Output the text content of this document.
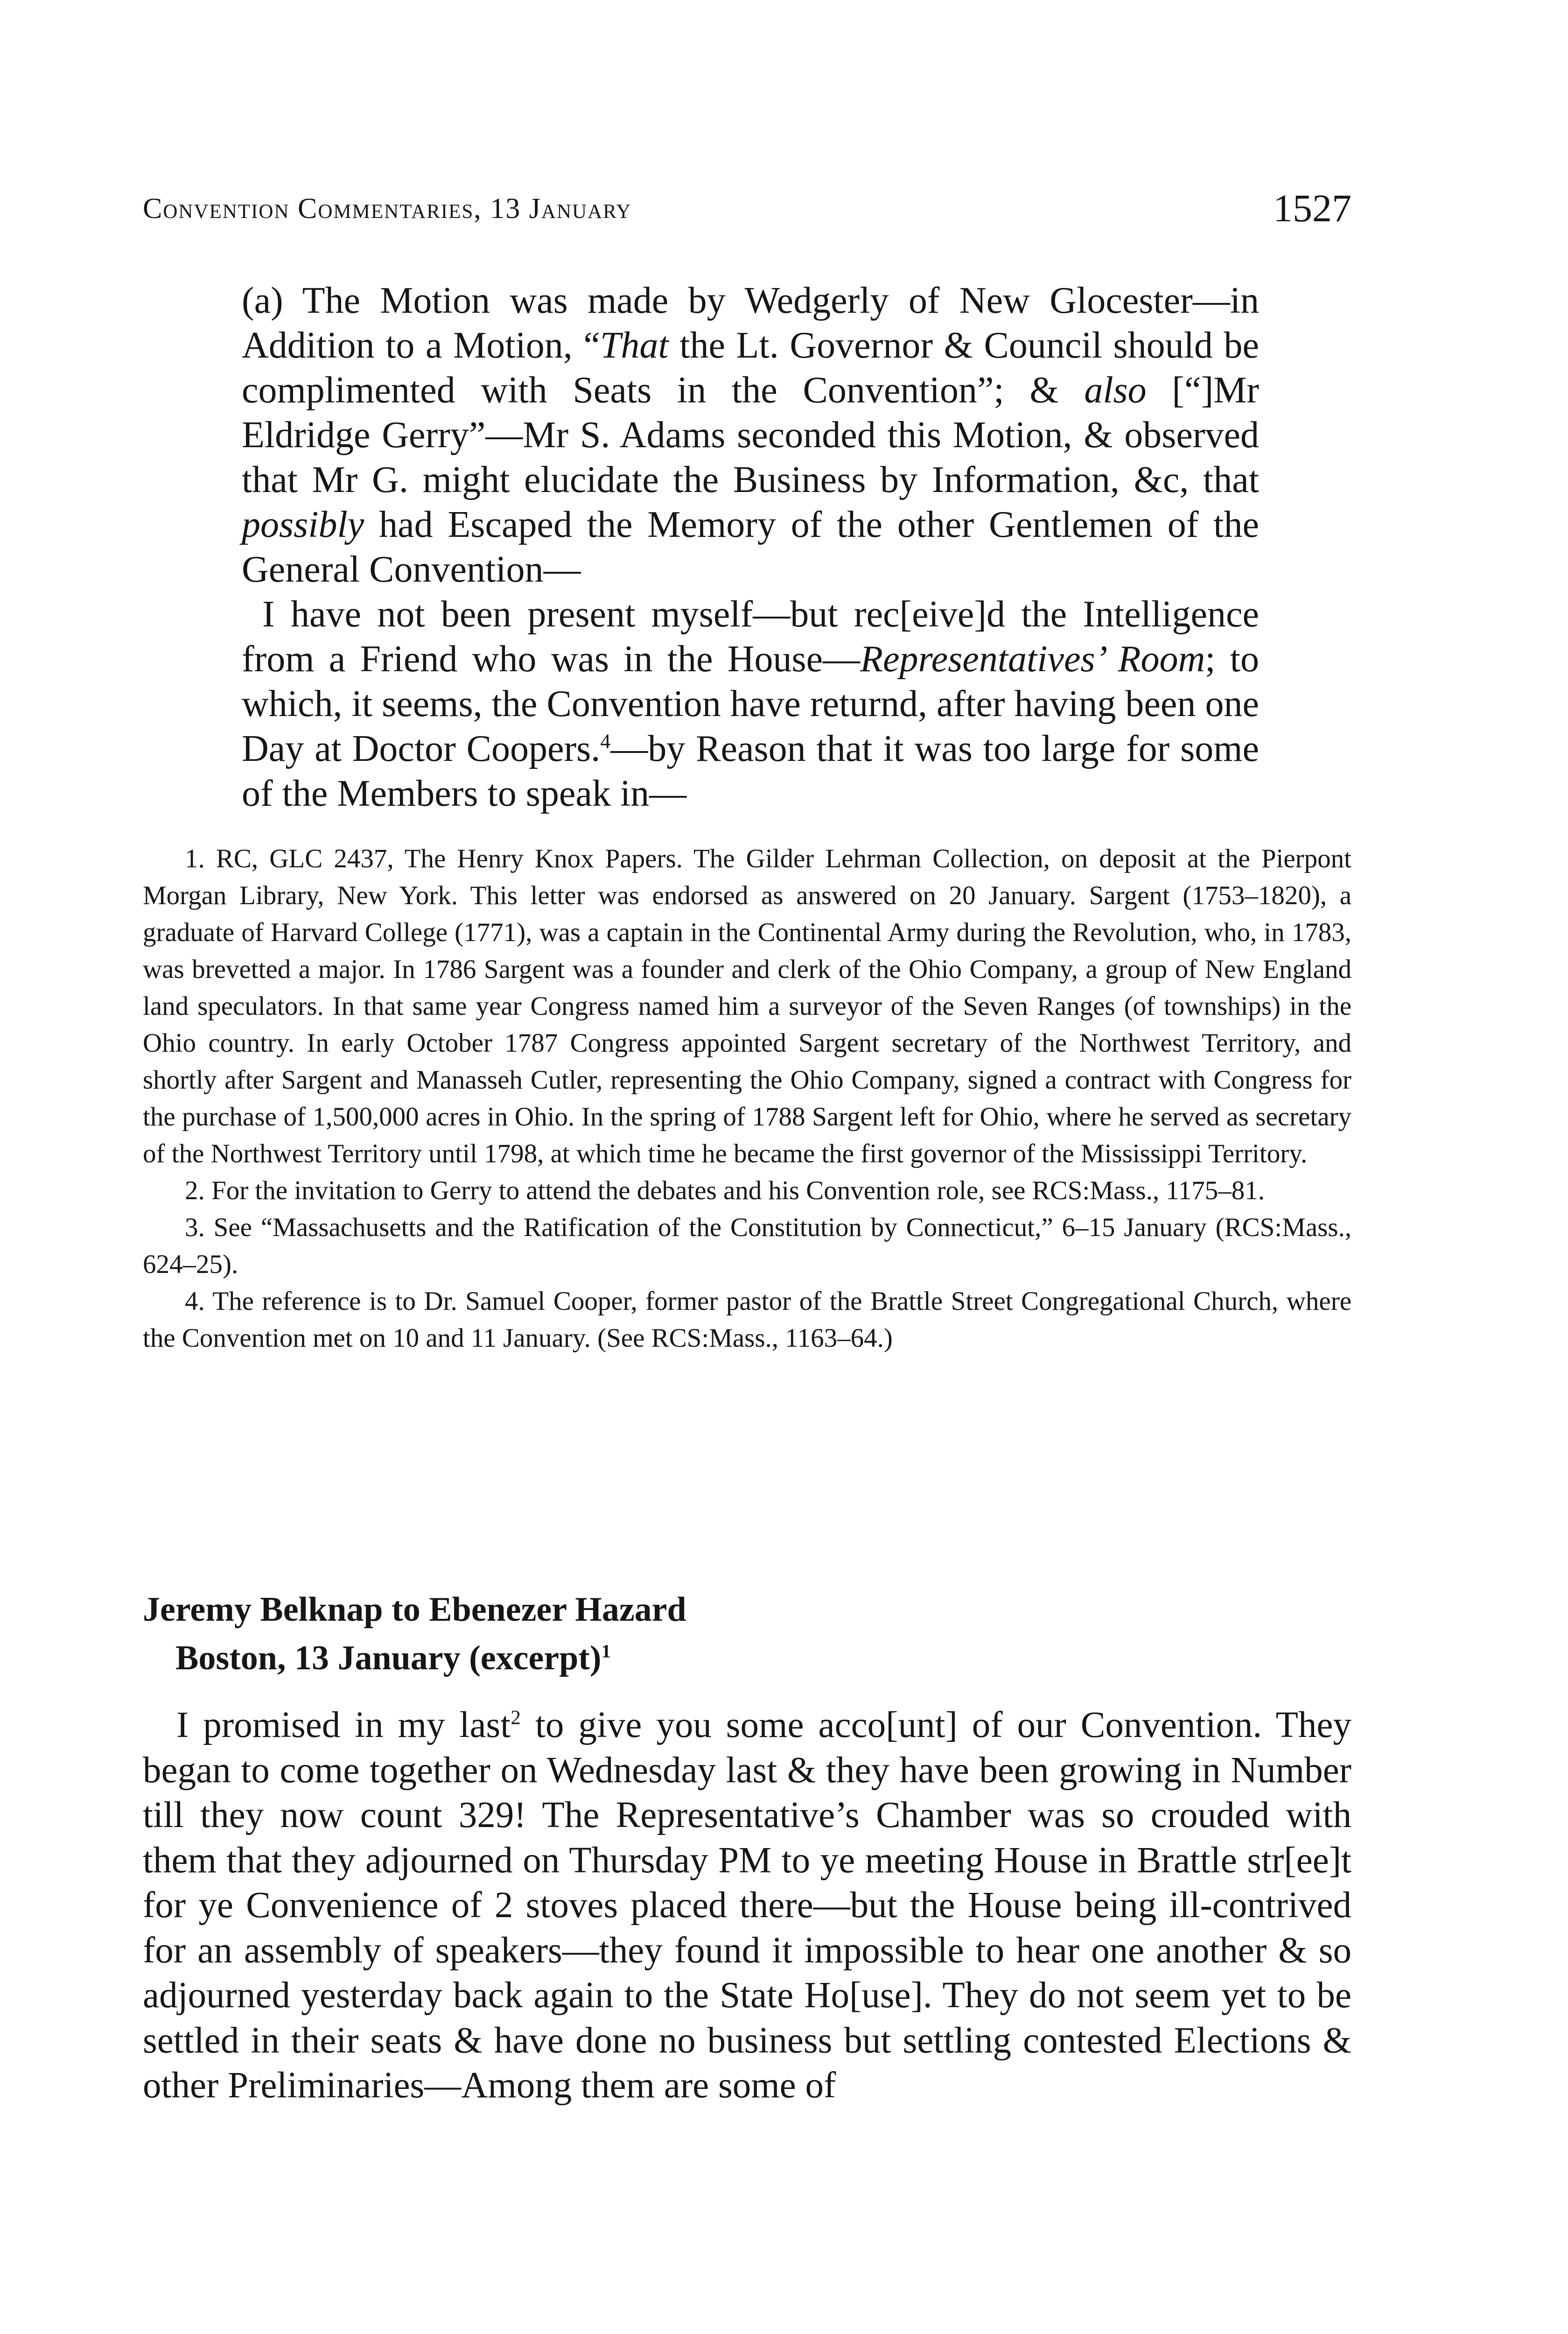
Convention Commentaries, 13 January	1527

(a) The Motion was made by Wedgerly of New Glocester—in Addition to a Motion, “That the Lt. Governor & Council should be complimented with Seats in the Convention”; & also [“]Mr Eldridge Gerry”—Mr S. Adams seconded this Motion, & observed that Mr G. might elucidate the Business by Information, &c, that possibly had Escaped the Memory of the other Gentlemen of the General Convention—

I have not been present myself—but rec[eive]d the Intelligence from a Friend who was in the House—Representatives’ Room; to which, it seems, the Convention have returnd, after having been one Day at Doctor Coopers.$^4$—by Reason that it was too large for some of the Members to speak in—

1. RC, GLC 2437, The Henry Knox Papers. The Gilder Lehrman Collection, on deposit at the Pierpont Morgan Library, New York. This letter was endorsed as answered on 20 January. Sargent (1753–1820), a graduate of Harvard College (1771), was a captain in the Continental Army during the Revolution, who, in 1783, was brevetted a major. In 1786 Sargent was a founder and clerk of the Ohio Company, a group of New England land speculators. In that same year Congress named him a surveyor of the Seven Ranges (of townships) in the Ohio country. In early October 1787 Congress appointed Sargent secretary of the Northwest Territory, and shortly after Sargent and Manasseh Cutler, representing the Ohio Company, signed a contract with Congress for the purchase of 1,500,000 acres in Ohio. In the spring of 1788 Sargent left for Ohio, where he served as secretary of the Northwest Territory until 1798, at which time he became the first governor of the Mississippi Territory.

2. For the invitation to Gerry to attend the debates and his Convention role, see RCS:Mass., 1175–81.

3. See “Massachusetts and the Ratification of the Constitution by Connecticut,” 6–15 January (RCS:Mass., 624–25).

4. The reference is to Dr. Samuel Cooper, former pastor of the Brattle Street Congregational Church, where the Convention met on 10 and 11 January. (See RCS:Mass., 1163–64.)

Jeremy Belknap to Ebenezer Hazard
Boston, 13 January (excerpt)$^1$

I promised in my last$^2$ to give you some acco[unt] of our Convention. They began to come together on Wednesday last & they have been growing in Number till they now count 329! The Representative’s Chamber was so crouded with them that they adjourned on Thursday PM to ye meeting House in Brattle str[ee]t for ye Convenience of 2 stoves placed there—but the House being ill-contrived for an assembly of speakers—they found it impossible to hear one another & so adjourned yesterday back again to the State Ho[use]. They do not seem yet to be settled in their seats & have done no business but settling contested Elections & other Preliminaries—Among them are some of
